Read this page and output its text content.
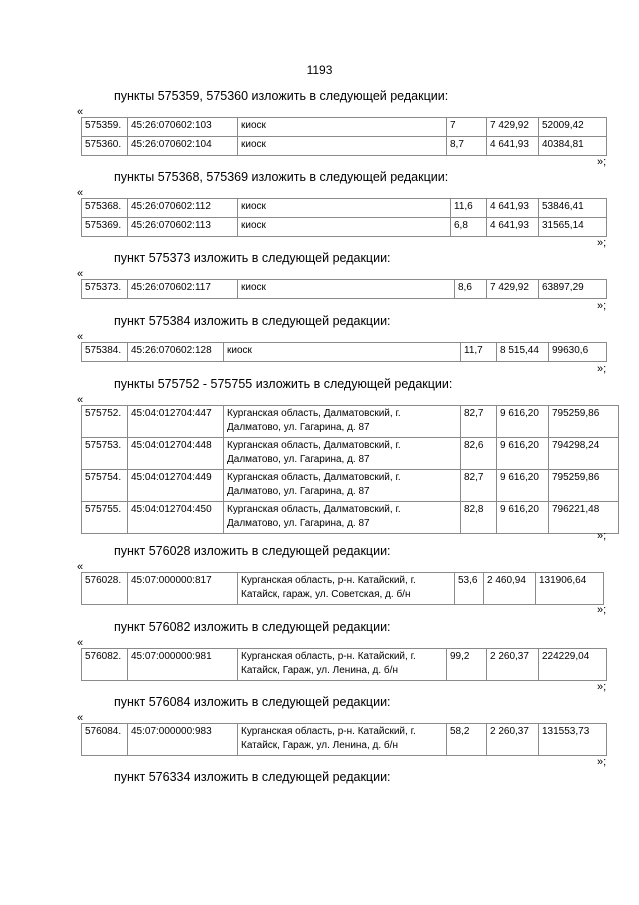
1193
пункты 575359, 575360 изложить в следующей редакции:
«
575359.	45:26:070602:103	киоск	7	7 429,92	52009,42
575360.	45:26:070602:104	киоск	8,7	4 641,93	40384,81
»;
пункты 575368, 575369 изложить в следующей редакции:
«
575368.	45:26:070602:112	киоск	11,6	4 641,93	53846,41
575369.	45:26:070602:113	киоск	6,8	4 641,93	31565,14
»;
пункт 575373 изложить в следующей редакции:
«
575373.	45:26:070602:117	киоск	8,6	7 429,92	63897,29
»;
пункт 575384 изложить в следующей редакции:
«
575384.	45:26:070602:128	киоск	11,7	8 515,44	99630,6
»;
пункты 575752 - 575755 изложить в следующей редакции:
«
575752.	45:04:012704:447	Курганская область, Далматовский, г. Далматово, ул. Гагарина, д. 87	82,7	9 616,20	795259,86
575753.	45:04:012704:448	Курганская область, Далматовский, г. Далматово, ул. Гагарина, д. 87	82,6	9 616,20	794298,24
575754.	45:04:012704:449	Курганская область, Далматовский, г. Далматово, ул. Гагарина, д. 87	82,7	9 616,20	795259,86
575755.	45:04:012704:450	Курганская область, Далматовский, г. Далматово, ул. Гагарина, д. 87	82,8	9 616,20	796221,48
»;
пункт 576028 изложить в следующей редакции:
«
576028.	45:07:000000:817	Курганская область, р-н. Катайский, г. Катайск, гараж, ул. Советская, д. б/н	53,6	2 460,94	131906,64
»;
пункт 576082 изложить в следующей редакции:
«
576082.	45:07:000000:981	Курганская область, р-н. Катайский, г. Катайск, Гараж, ул. Ленина, д. б/н	99,2	2 260,37	224229,04
»;
пункт 576084 изложить в следующей редакции:
«
576084.	45:07:000000:983	Курганская область, р-н. Катайский, г. Катайск, Гараж, ул. Ленина, д. б/н	58,2	2 260,37	131553,73
»;
пункт 576334 изложить в следующей редакции:
